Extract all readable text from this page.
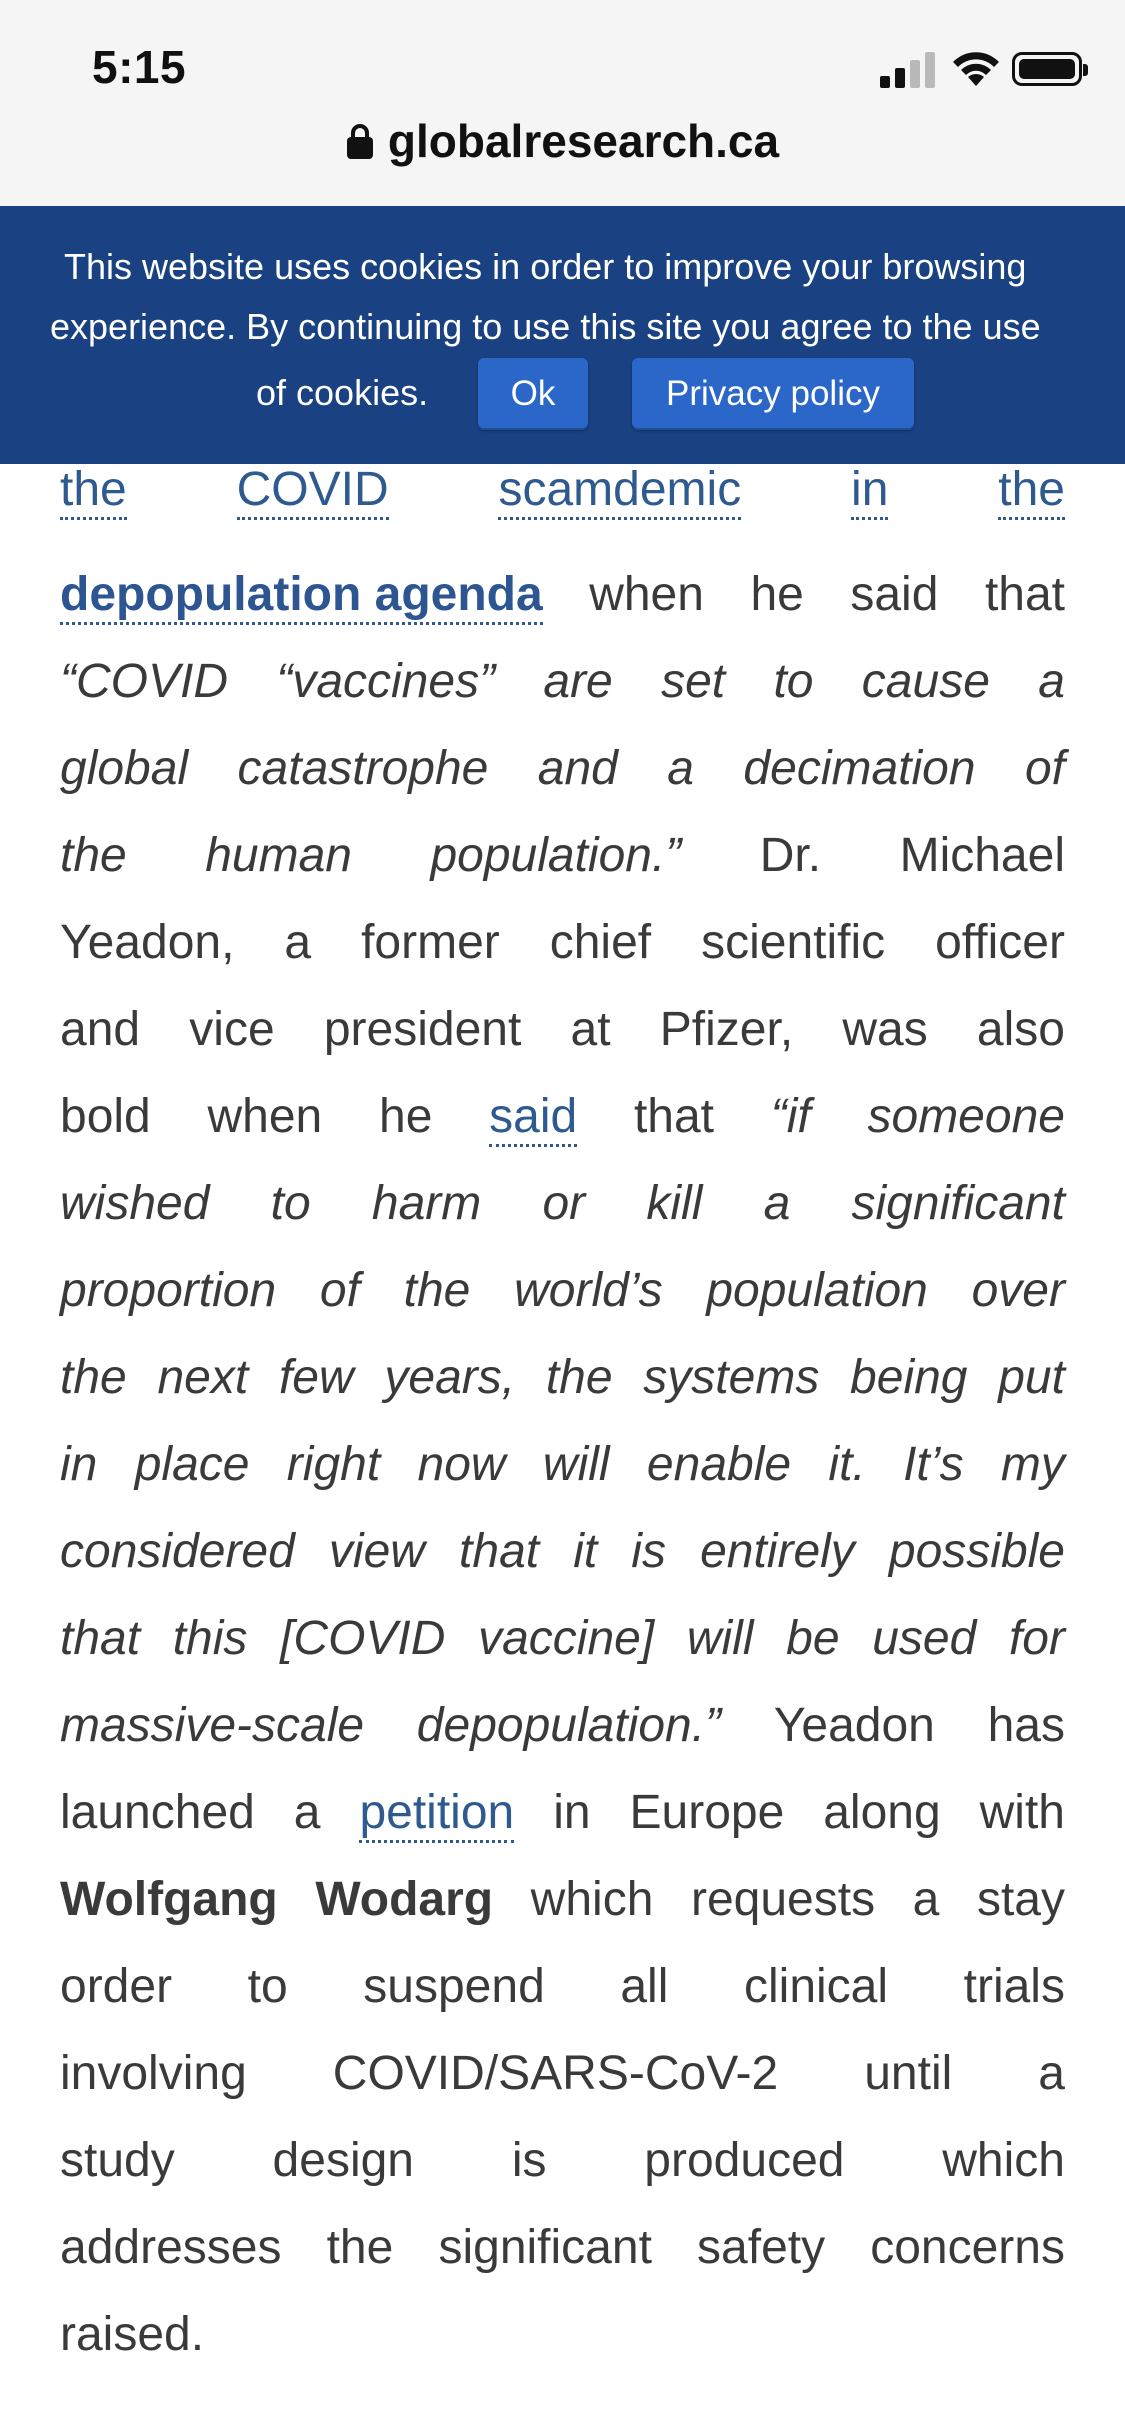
5:15
globalresearch.ca
This website uses cookies in order to improve your browsing
experience. By continuing to use this site you agree to the use
of cookies.	Ok	Privacy policy
the COVID scamdemic in the
depopulation agenda when he said that
“COVID “vaccines” are set to cause a
global catastrophe and a decimation of
the human population.” Dr. Michael
Yeadon, a former chief scientific officer
and vice president at Pfizer, was also
bold when he said that “if someone
wished to harm or kill a significant
proportion of the world’s population over
the next few years, the systems being put
in place right now will enable it. It’s my
considered view that it is entirely possible
that this [COVID vaccine] will be used for
massive-scale depopulation.” Yeadon has
launched a petition in Europe along with
Wolfgang Wodarg which requests a stay
order to suspend all clinical trials
involving COVID/SARS-CoV-2 until a
study design is produced which
addresses the significant safety concerns
raised.
